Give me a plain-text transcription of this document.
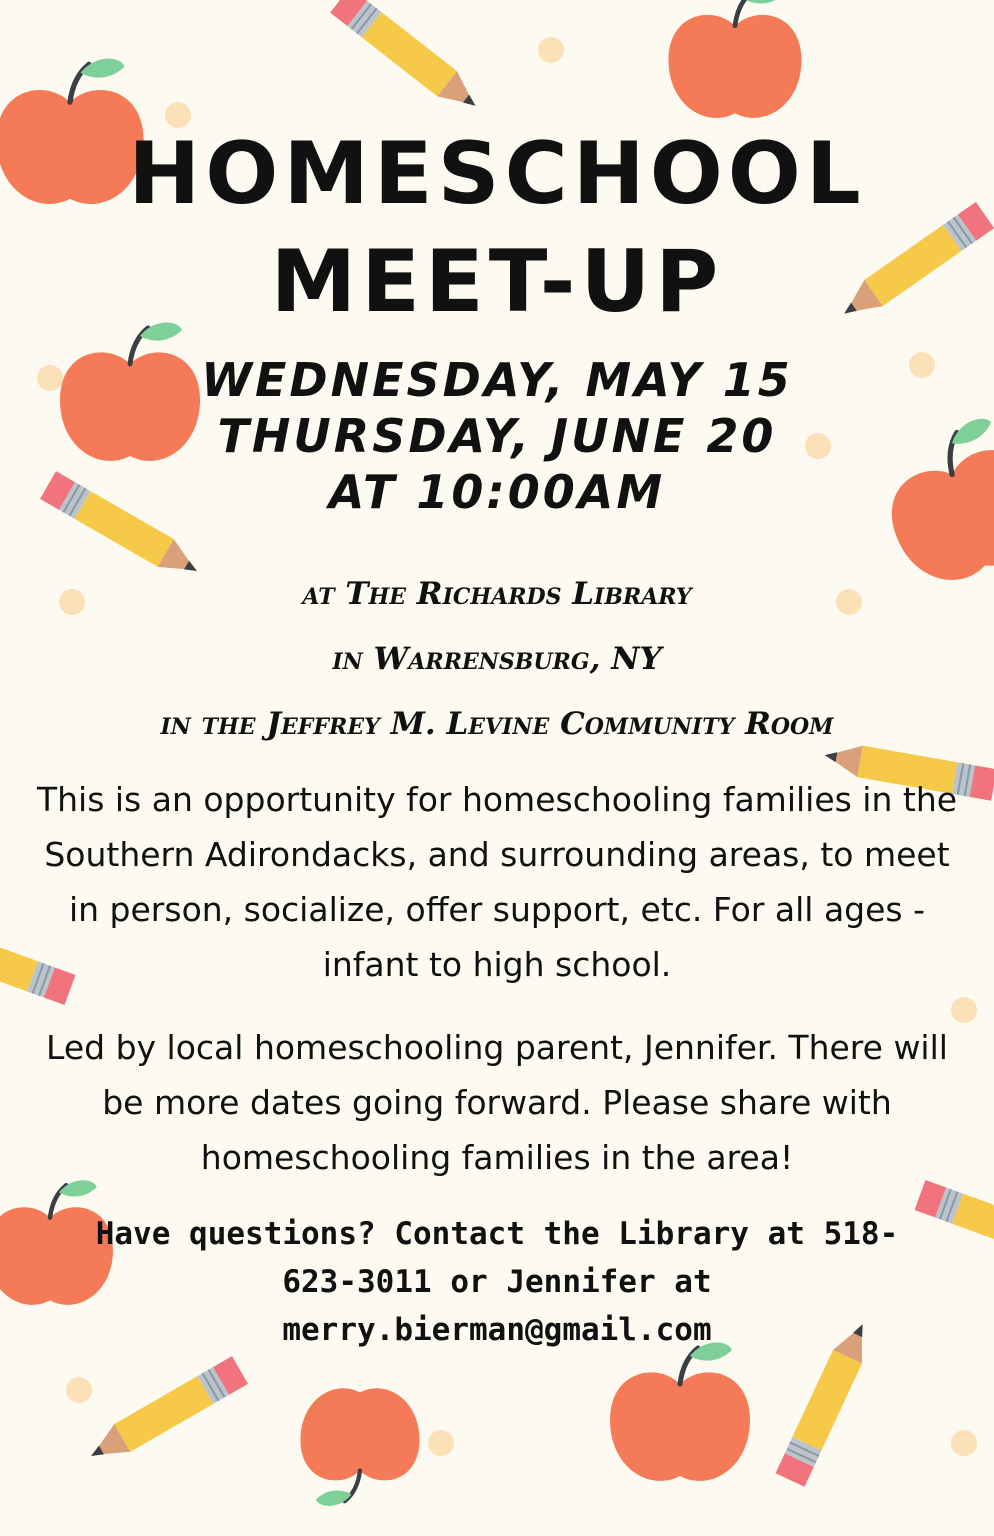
HOMESCHOOL
MEET-UP
WEDNESDAY, MAY 15
THURSDAY, JUNE 20
AT 10:00AM
at The Richards Library
in Warrensburg, NY
in the Jeffrey M. Levine Community Room
This is an opportunity for homeschooling families in the Southern Adirondacks, and surrounding areas, to meet in person, socialize, offer support, etc. For all ages - infant to high school.
Led by local homeschooling parent, Jennifer. There will be more dates going forward. Please share with homeschooling families in the area!
Have questions? Contact the Library at 518-623-3011 or Jennifer at merry.bierman@gmail.com
